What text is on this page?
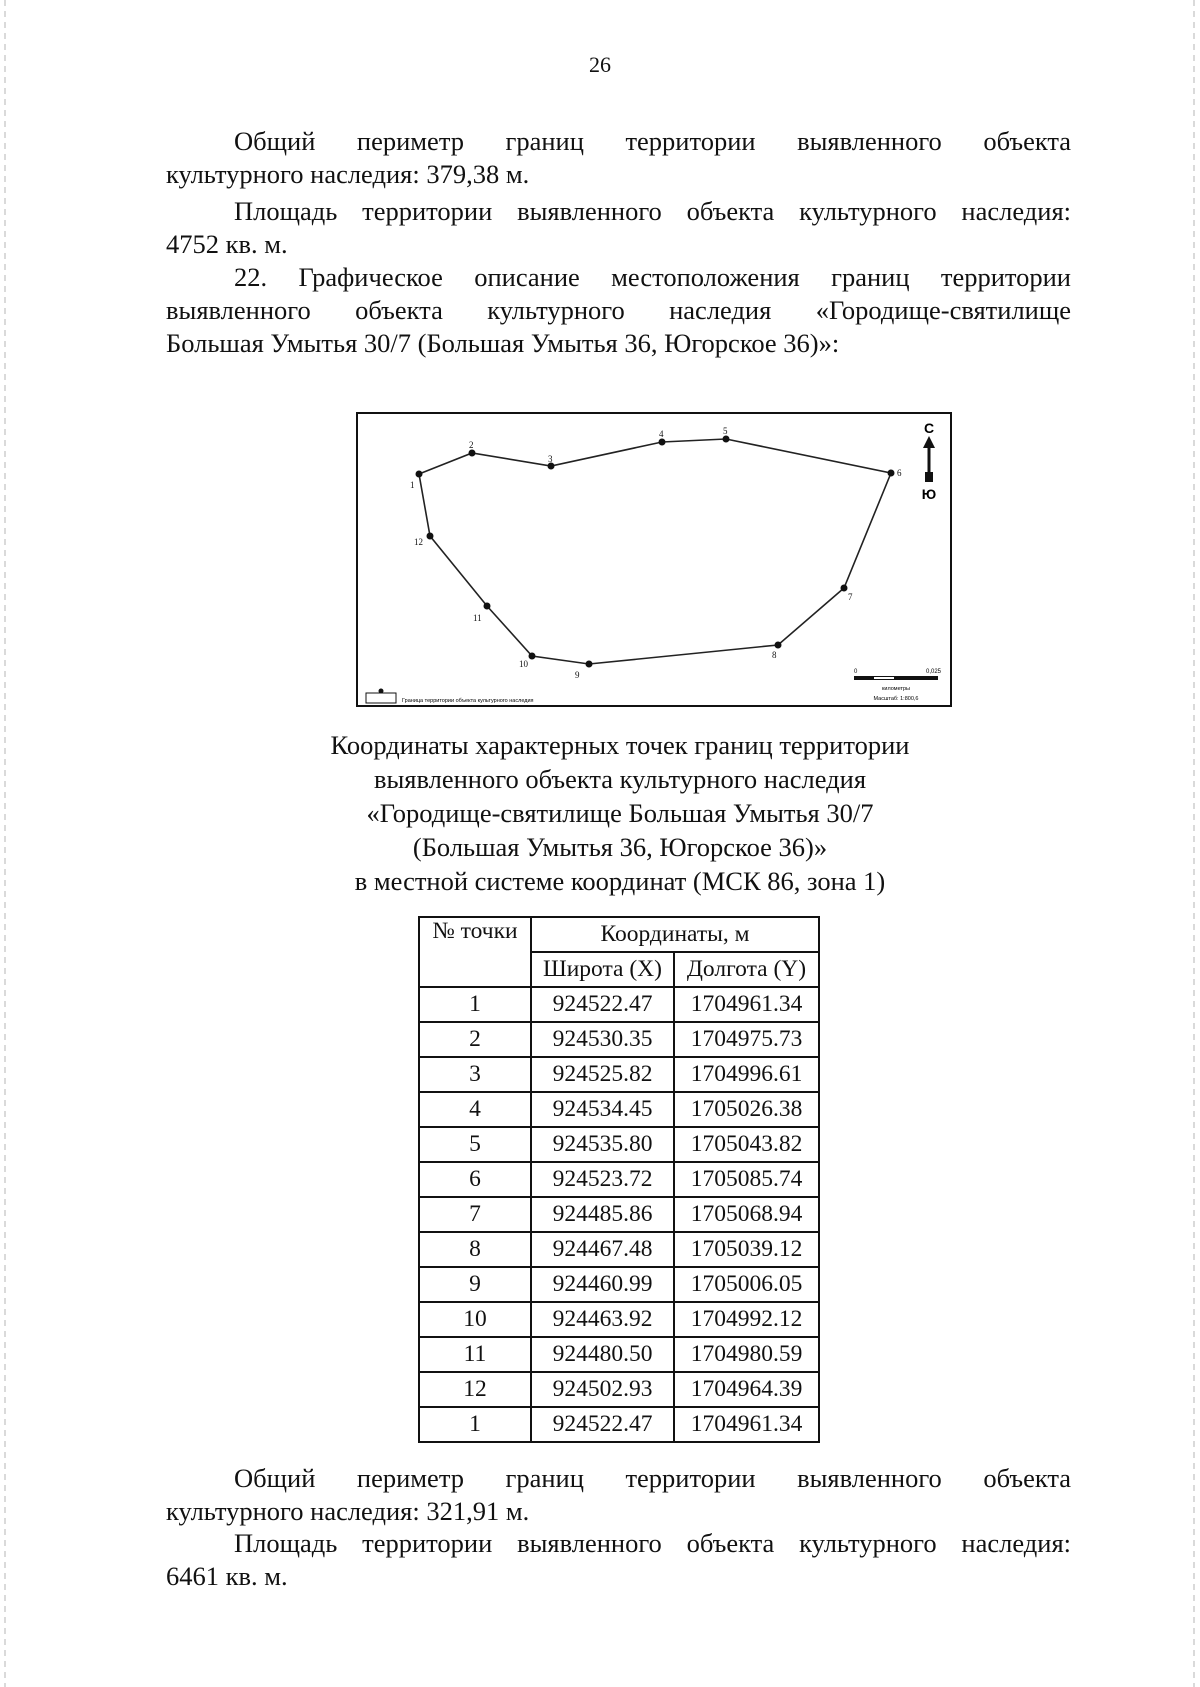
26
Общий периметр границ территории выявленного объекта
культурного наследия: 379,38 м.
Площадь территории выявленного объекта культурного наследия:
4752 кв. м.
22. Графическое описание местоположения границ территории
выявленного объекта культурного наследия «Городище-святилище
Большая Умытья 30/7 (Большая Умытья 36, Югорское 36)»:
1
2
3
4	5
6
7
8
9
10
11
12
С
Ю
Граница территории объекта культурного наследия
0	0,025
километры
Масштаб: 1:800,6
Координаты характерных точек границ территории
выявленного объекта культурного наследия
«Городище-святилище Большая Умытья 30/7
(Большая Умытья 36, Югорское 36)»
в местной системе координат (МСК 86, зона 1)
№ точки	Координаты, м	
	Широта (X)	Долгота (Y)
1	924522.47	1704961.34
2	924530.35	1704975.73
3	924525.82	1704996.61
4	924534.45	1705026.38
5	924535.80	1705043.82
6	924523.72	1705085.74
7	924485.86	1705068.94
8	924467.48	1705039.12
9	924460.99	1705006.05
10	924463.92	1704992.12
11	924480.50	1704980.59
12	924502.93	1704964.39
1	924522.47	1704961.34
Общий периметр границ территории выявленного объекта
культурного наследия: 321,91 м.
Площадь территории выявленного объекта культурного наследия:
6461 кв. м.
